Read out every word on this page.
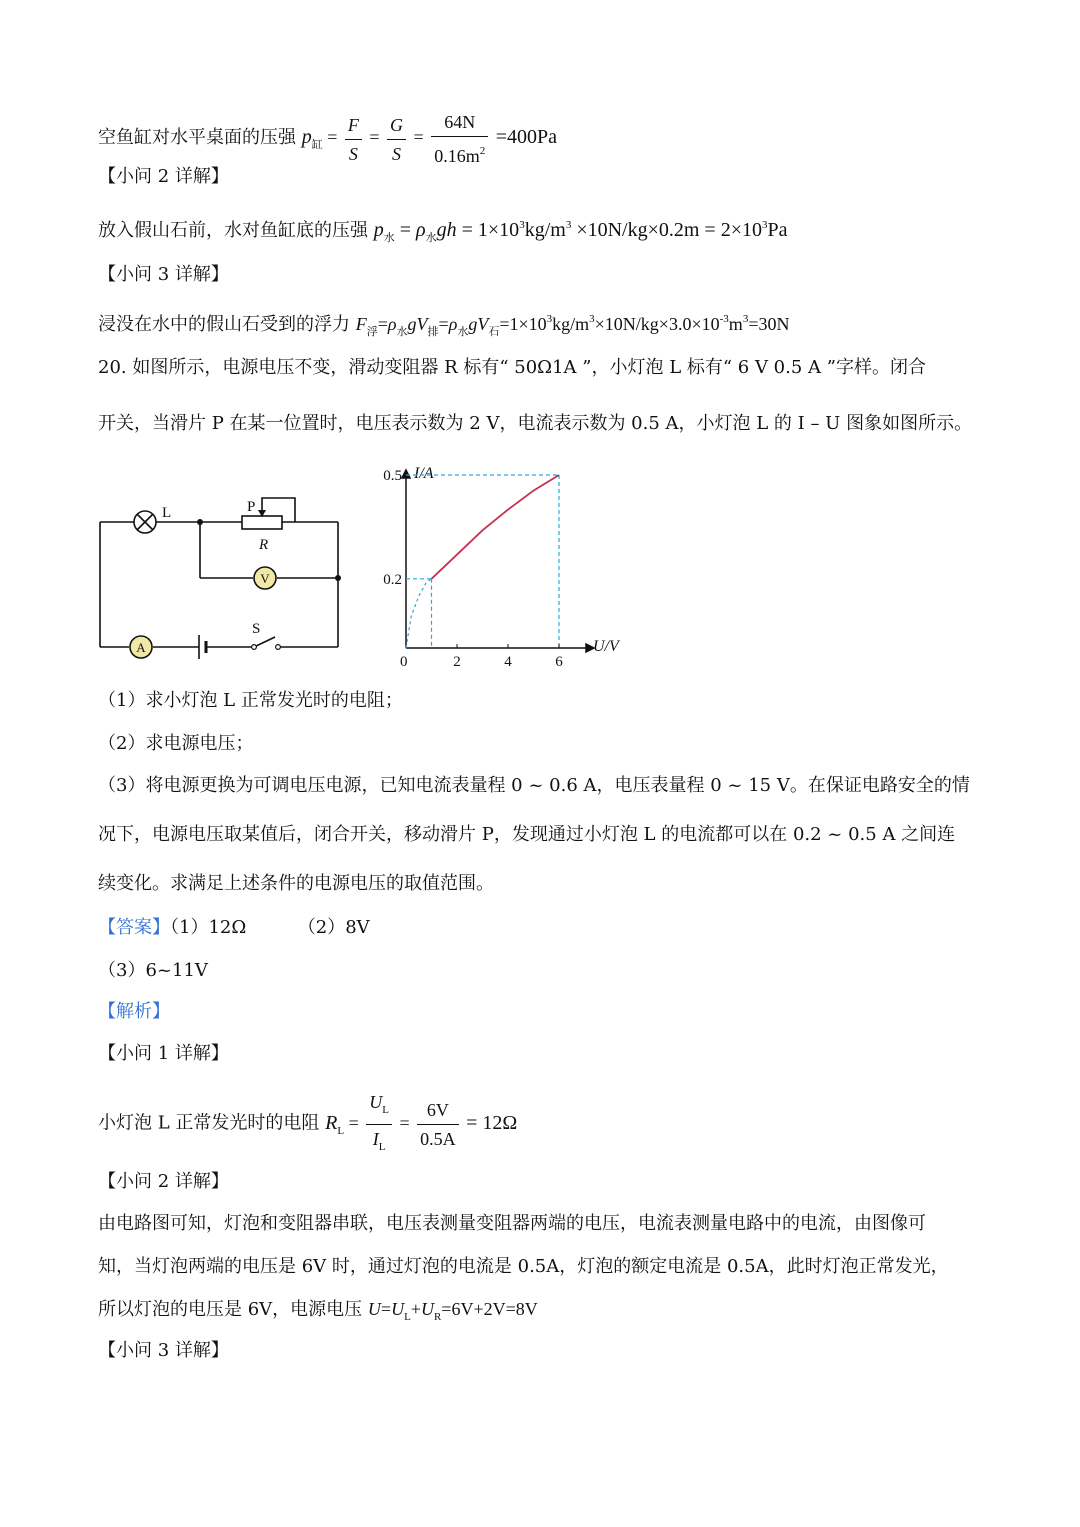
空鱼缸对水平桌面的压强 $p_缸 = \frac{F}{S} = \frac{G}{S} = \frac{64N}{0.16m^2} =400Pa$
【小问 2 详解】
放入假山石前，水对鱼缸底的压强 $p_水 = \rho_水gh = 1\times 10^3kg/m^3 \times 10N/kg\times 0.2m = 2\times 10^3Pa$
【小问 3 详解】
浸没在水中的假山石受到的浮力 $F_浮=\rho_水gV_排=\rho_水gV_石=1\times 10^3kg/m^3\times 10N/kg\times 3.0\times 10^{-3}m^3=30N$
20. 如图所示，电源电压不变，滑动变阻器 R 标有“ 50Ω1A ”，小灯泡 L 标有“ 6 V 0.5 A ”字样。闭合
开关，当滑片 P 在某一位置时，电压表示数为 2 V，电流表示数为 0.5 A，小灯泡 L 的 I – U 图象如图所示。
L	P
R
V
A
S
I/A
U/V
0	2	4	6
0.2
0.5
（1）求小灯泡 L 正常发光时的电阻；
（2）求电源电压；
（3）将电源更换为可调电压电源，已知电流表量程 0 ~ 0.6 A，电压表量程 0 ~ 15 V。在保证电路安全的情
况下，电源电压取某值后，闭合开关，移动滑片 P，发现通过小灯泡 L 的电流都可以在 0.2 ~ 0.5 A 之间连
续变化。求满足上述条件的电源电压的取值范围。
【答案】（1）12Ω	（2）8V
（3）6~11V
【解析】
【小问 1 详解】
小灯泡 L 正常发光时的电阻 $R_L = \frac{U_L}{I_L} = \frac{6V}{0.5A} = 12\Omega$
【小问 2 详解】
由电路图可知，灯泡和变阻器串联，电压表测量变阻器两端的电压，电流表测量电路中的电流，由图像可
知，当灯泡两端的电压是 6V 时，通过灯泡的电流是 0.5A，灯泡的额定电流是 0.5A，此时灯泡正常发光，
所以灯泡的电压是 6V，电源电压 $U=U_L+U_R=6V+2V=8V$
【小问 3 详解】
